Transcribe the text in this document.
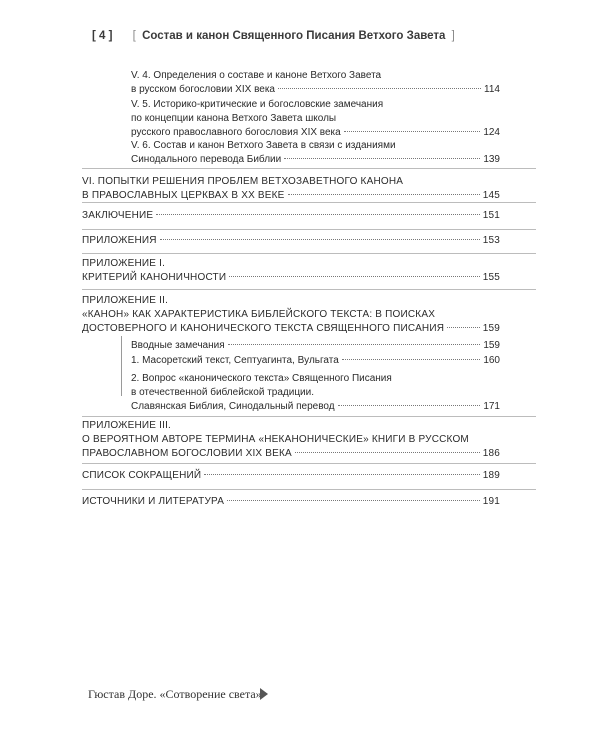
[ 4 ] [ Состав и канон Священного Писания Ветхого Завета ]
V. 4. Определения о составе и каноне Ветхого Завета
в русском богословии XIX века	114
V. 5. Историко-критические и богословские замечания
по концепции канона Ветхого Завета школы
русского православного богословия XIX века	124
V. 6. Состав и канон Ветхого Завета в связи с изданиями
Синодального перевода Библии	139
VI. ПОПЫТКИ РЕШЕНИЯ ПРОБЛЕМ ВЕТХОЗАВЕТНОГО КАНОНА
В ПРАВОСЛАВНЫХ ЦЕРКВАХ В XX ВЕКЕ	145
ЗАКЛЮЧЕНИЕ	151
ПРИЛОЖЕНИЯ	153
ПРИЛОЖЕНИЕ I.
КРИТЕРИЙ КАНОНИЧНОСТИ	155
ПРИЛОЖЕНИЕ II.
«КАНОН» КАК ХАРАКТЕРИСТИКА БИБЛЕЙСКОГО ТЕКСТА: В ПОИСКАХ
ДОСТОВЕРНОГО И КАНОНИЧЕСКОГО ТЕКСТА СВЯЩЕННОГО ПИСАНИЯ	159
Вводные замечания	159
1. Масоретский текст, Септуагинта, Вульгата	160
2. Вопрос «канонического текста» Священного Писания
в отечественной библейской традиции.
Славянская Библия, Синодальный перевод	171
ПРИЛОЖЕНИЕ III.
О ВЕРОЯТНОМ АВТОРЕ ТЕРМИНА «НЕКАНОНИЧЕСКИЕ» КНИГИ В РУССКОМ
ПРАВОСЛАВНОМ БОГОСЛОВИИ XIX ВЕКА	186
СПИСОК СОКРАЩЕНИЙ	189
ИСТОЧНИКИ И ЛИТЕРАТУРА	191
Гюстав Доре. «Сотворение света»
